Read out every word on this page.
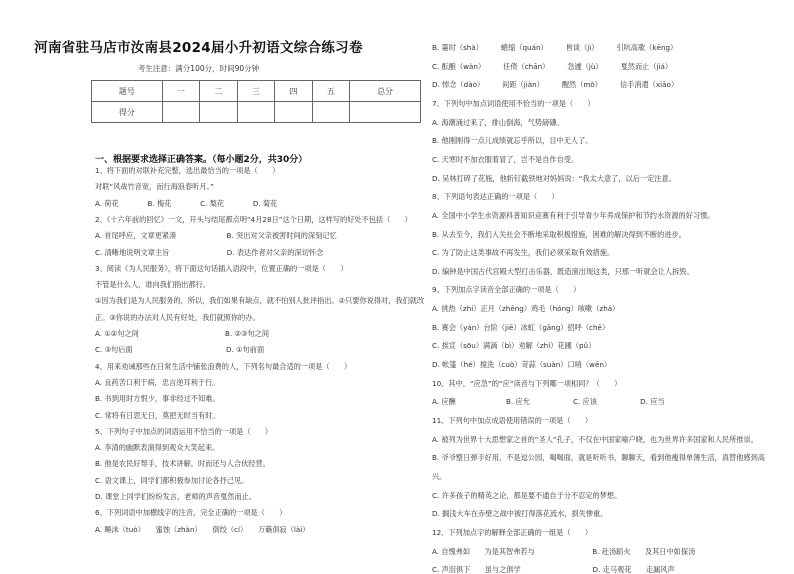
河南省驻马店市汝南县2024届小升初语文综合练习卷
考生注意：满分100分，时间90分钟
题号	一	二	三	四	五	总分
得分						
一、根据要求选择正确答案。（每小题2分，共30分）
1、将下面的对联补充完整，选出最恰当的一项是（　　）
对联“风战竹音宽，而行海浪春听月。”
A. 荷花　　　　B. 梅花　　　　C. 梨花　　　　D. 菊花
2、《十六年前的回忆》一文，开头与结尾都点明“4月28日”这个日期，这样写的好处不包括（　　）
A. 首尾呼应，文章更紧凑　　　　　　　B. 突出对父亲被害时间的深刻记忆
C. 清晰地说明文章主旨　　　　　　　　D. 表达作者对父亲的深切怀念
3、阅读《为人民服务》，将下面这句话插入语段中，位置正确的一项是（　　）
不管是什么人，谁向我们指出都行。
①因为我们是为人民服务的，所以，我们如果有缺点，就不怕别人批评指出。②只要你说得对，我们就改
正。③你说的办法对人民有好处，我们就照你的办。
A. ①②句之间　　　　　　　　　　　　B. ②③句之间
C. ③句后面　　　　　　　　　　　　　D. ①句前面
4、用来劝诫那些在日常生活中铺张浪费的人，下列名句最合适的一项是（　　）
A. 良药苦口利于病，忠言逆耳利于行。
B. 书到用时方恨少，事非经过不知难。
C. 常将有日思无日，莫把无时当有时。
5、下列句子中加点的词语运用不恰当的一项是（　　）
A. 李清的幽默表演得到观众大笑起来。
B. 他是农民好帮手，技术讲解，时而还与人合伙经营。
C. 语文课上，同学们都积极参加讨论各抒己见。
D. 课堂上同学们纷纷发言，老师的声音戛然而止。
6、下列词语中加横线字的注音，完全正确的一项是（　　）
A. 睡沫（tuò）　　蜜蚀（zhàn）　　倒绞（cí）　　万籁俱寂（lài）
B. 霎时（shà）　　　蜷缩（quán）　　　皆谈（jì）　　　引吭高歌（kēng）
C. 酝酿（wàn）　　　任倚（chān）　　　急遽（jù）　　　戛然而止（jiá）
D. 悼念（dào）　　　间距（jiàn）　　　醒然（mò）　　　信手消遣（xiāo）
7、下列句中加点词语使用不恰当的一项是（　　）
A. 海潮涌过来了，排山倒海，气势磅礴。
B. 他刚刚得一点儿成绩就忘乎所以，目中无人了。
C. 天寒时不加衣服着冒了，岂不是自作自受。
D. 吴林打碎了花瓶，他斩钉截铁地对妈妈说：“我太大意了，以后一定注意。
8、下列语句表达正确的一项是（　　）
A. 全国中小学生水资源科普知识竞赛有利于引导青少年养成保护和节约水资源的好习惯。
B. 从去至今，我们入关社会不断地采取积极措施，困难的解决得到不断的进步。
C. 为了防止这类事故不再发生，我们必须采取有效措施。
D. 编钟是中国古代宫殿大型打击乐器，既造演出现这类，只那一听就会让人拆毁。
9、下列加点字读音全部正确的一项是（　　）
A. 挑热（zhí）正月（zhēng）鸡毛（hóng）咳嗽（zhá）
B. 赛会（yán）台阶（jiē）冰虹（gāng）招呼（chē）
C. 挨宣（sōu）满滴（bì）劝解（zhí）花圃（pǔ）
D. 帐篷（hé）搅洗（cuò）苛蒜（suàn）口哨（wēn）
10、其中，“应急”的“应”读音与下列哪一项相同？（　　）
A. 应酬　　　　　　　B. 应允　　　　　　C. 应该　　　　　　D. 应当
11、下列句中加点成语使用错误的一项是（　　）
A. 被列为世界十大思想家之首的“圣人”孔子，不仅在中国家喻户晓，也为世界许多国家和人民所推崇。
B. 爷爷整日弹手好用，不是逗公园，喝喝面，就是听听书，聊聊天，看到他瘦得单薄生活，真替他感到高
兴。
C. 许多孩子的精英之论，都是要不通自于分不忍定的梦想。
D. 搁浅大车在赤壁之战中被打得落花流水，损失惨重。
12、下列加点字的解释全部正确的一组是（　　）
A. 自愧弗如　　为是其智弗若与　　　　　　　　B. 赴汤蹈火　　及其日中如探汤
C. 声泪俱下　　虽与之俱学　　　　　　　　　　D. 走马观花　　走漏风声
